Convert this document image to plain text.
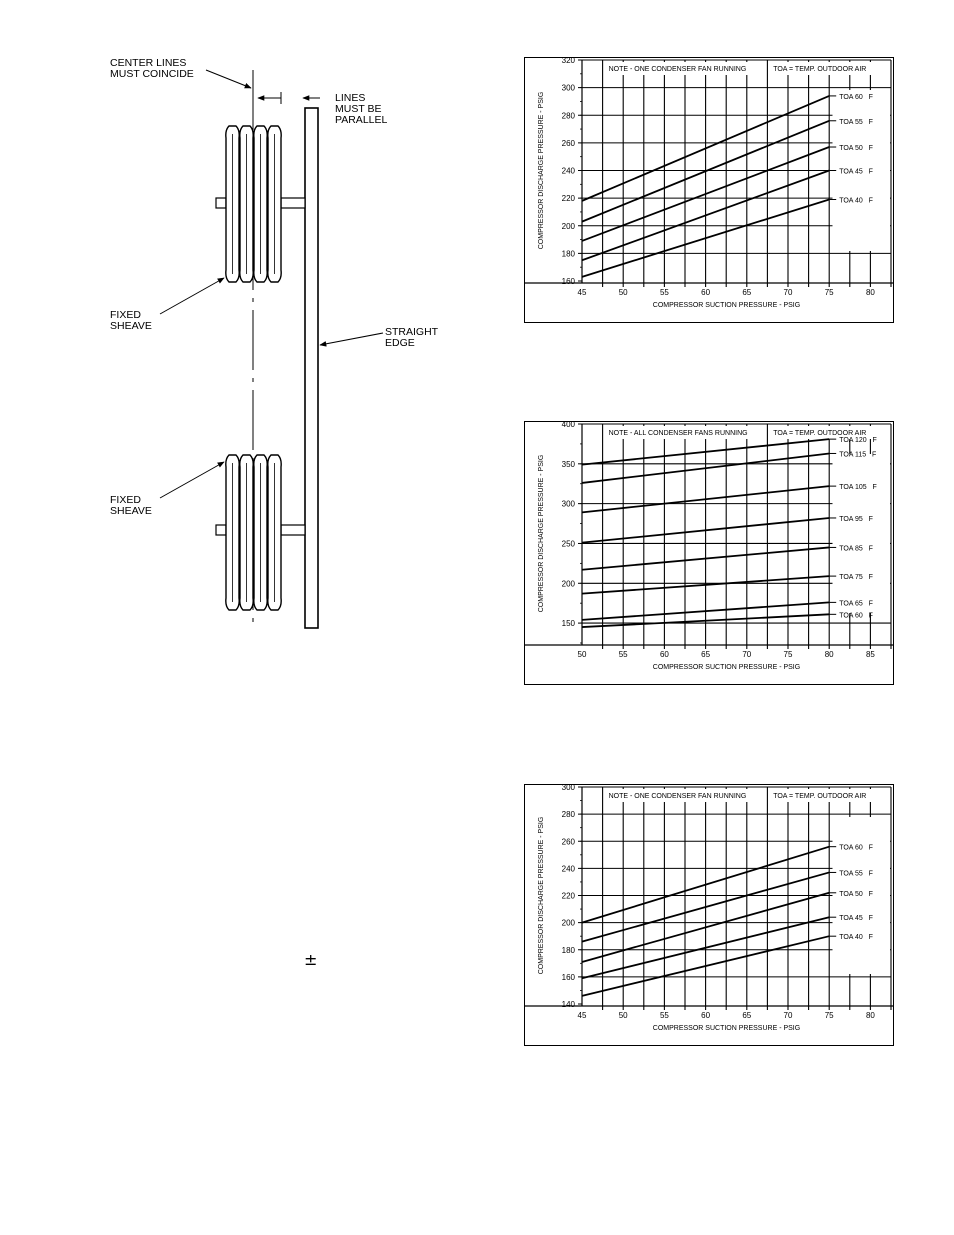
CENTER LINES MUST COINCIDE
LINES MUST BE PARALLEL
FIXED SHEAVE
FIXED SHEAVE
STRAIGHT EDGE
±
160
180
200
220
240
260
280
300
320
45	50	55	60	65	70	75	80
COMPRESSOR SUCTION PRESSURE - PSIG
COMPRESSOR DISCHARGE PRESSURE - PSIG
NOTE - ONE CONDENSER FAN RUNNING	TOA = TEMP. OUTDOOR AIR
TOA 60   F
TOA 55   F
TOA 50   F
TOA 45   F
TOA 40   F
150
200
250
300
350
400
50	55	60	65	70	75	80	85
COMPRESSOR SUCTION PRESSURE - PSIG
COMPRESSOR DISCHARGE PRESSURE - PSIG
NOTE - ALL CONDENSER FANS RUNNING	TOA = TEMP. OUTDOOR AIR
TOA 120   F
TOA 115   F
TOA 105   F
TOA 95   F
TOA 85   F
TOA 75   F
TOA 65   F
TOA 60   F
140
160
180
200
220
240
260
280
300
45	50	55	60	65	70	75	80
COMPRESSOR SUCTION PRESSURE - PSIG
COMPRESSOR DISCHARGE PRESSURE - PSIG
NOTE - ONE CONDENSER FAN RUNNING	TOA = TEMP. OUTDOOR AIR
TOA 60   F
TOA 55   F
TOA 50   F
TOA 45   F
TOA 40   F
